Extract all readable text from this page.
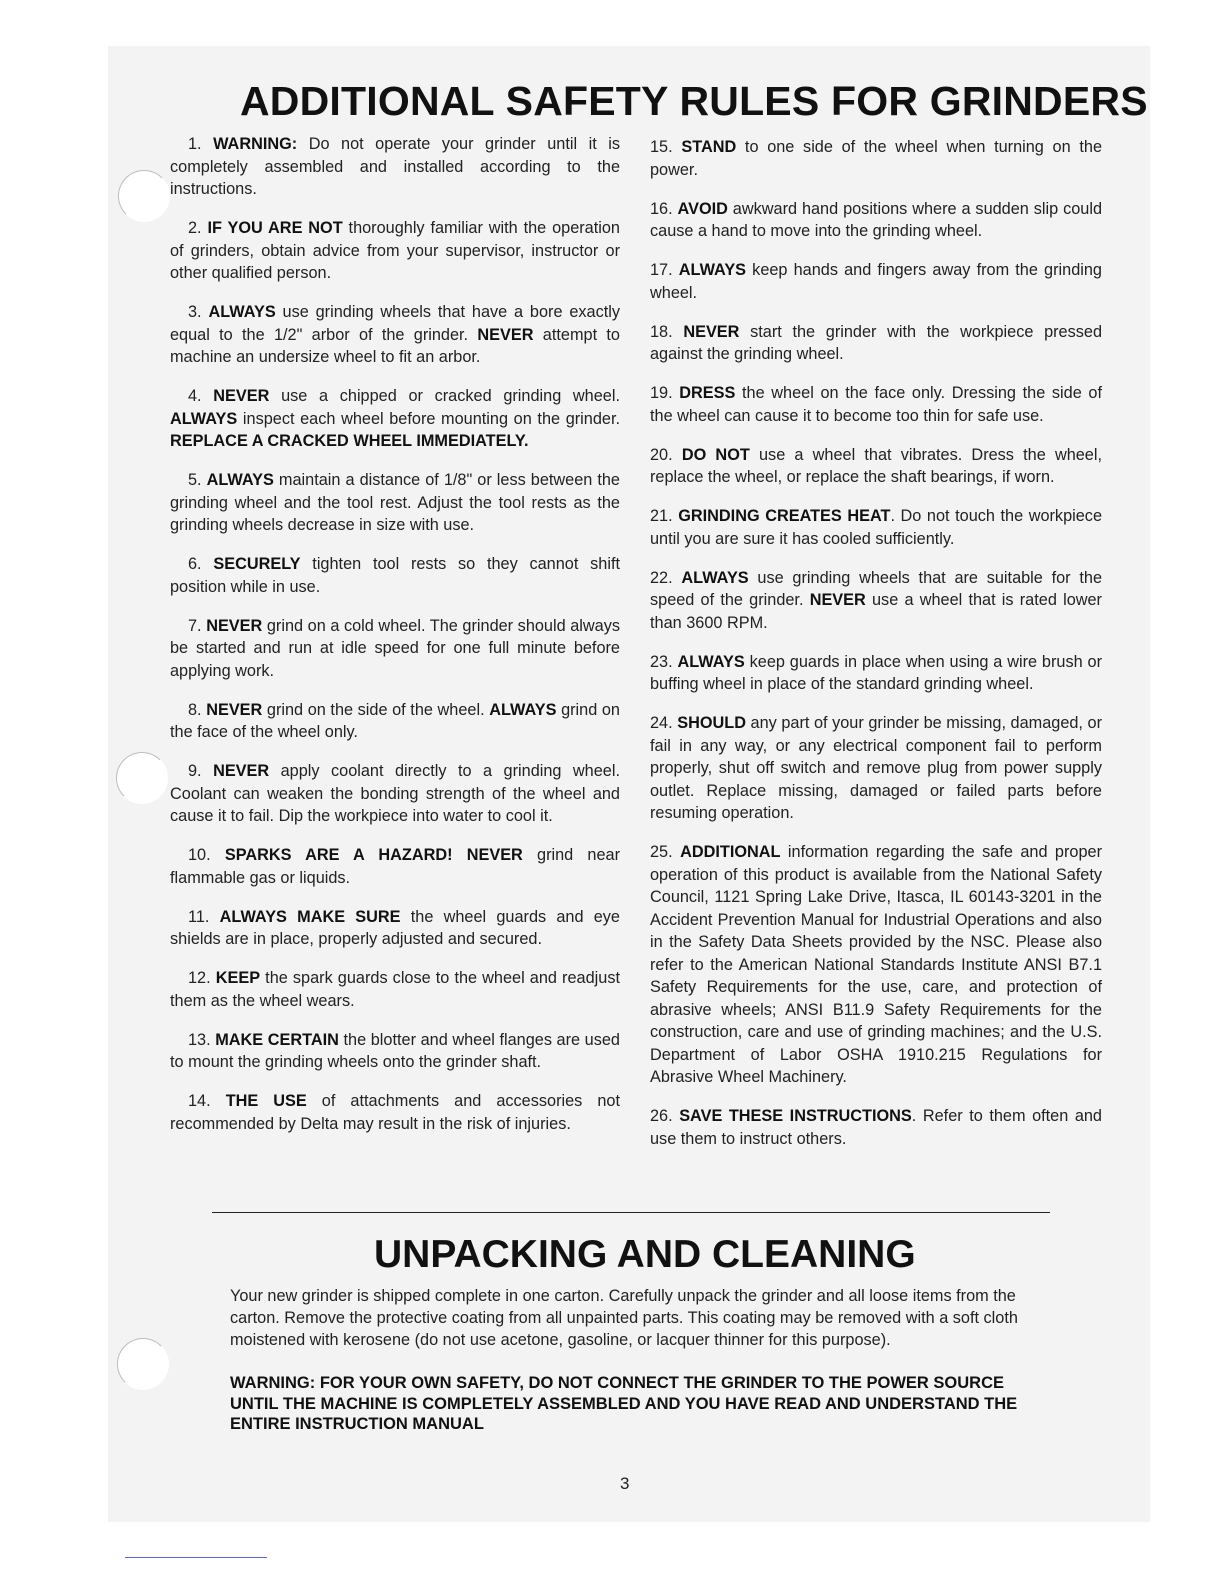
ADDITIONAL SAFETY RULES FOR GRINDERS

1. WARNING: Do not operate your grinder until it is completely assembled and installed according to the instructions.

2. IF YOU ARE NOT thoroughly familiar with the operation of grinders, obtain advice from your supervisor, instructor or other qualified person.

3. ALWAYS use grinding wheels that have a bore exactly equal to the 1/2" arbor of the grinder. NEVER attempt to machine an undersize wheel to fit an arbor.

4. NEVER use a chipped or cracked grinding wheel. ALWAYS inspect each wheel before mounting on the grinder. REPLACE A CRACKED WHEEL IMMEDIATELY.

5. ALWAYS maintain a distance of 1/8" or less between the grinding wheel and the tool rest. Adjust the tool rests as the grinding wheels decrease in size with use.

6. SECURELY tighten tool rests so they cannot shift position while in use.

7. NEVER grind on a cold wheel. The grinder should always be started and run at idle speed for one full minute before applying work.

8. NEVER grind on the side of the wheel. ALWAYS grind on the face of the wheel only.

9. NEVER apply coolant directly to a grinding wheel. Coolant can weaken the bonding strength of the wheel and cause it to fail. Dip the workpiece into water to cool it.

10. SPARKS ARE A HAZARD! NEVER grind near flammable gas or liquids.

11. ALWAYS MAKE SURE the wheel guards and eye shields are in place, properly adjusted and secured.

12. KEEP the spark guards close to the wheel and readjust them as the wheel wears.

13. MAKE CERTAIN the blotter and wheel flanges are used to mount the grinding wheels onto the grinder shaft.

14. THE USE of attachments and accessories not recommended by Delta may result in the risk of injuries.

15. STAND to one side of the wheel when turning on the power.

16. AVOID awkward hand positions where a sudden slip could cause a hand to move into the grinding wheel.

17. ALWAYS keep hands and fingers away from the grinding wheel.

18. NEVER start the grinder with the workpiece pressed against the grinding wheel.

19. DRESS the wheel on the face only. Dressing the side of the wheel can cause it to become too thin for safe use.

20. DO NOT use a wheel that vibrates. Dress the wheel, replace the wheel, or replace the shaft bearings, if worn.

21. GRINDING CREATES HEAT. Do not touch the workpiece until you are sure it has cooled sufficiently.

22. ALWAYS use grinding wheels that are suitable for the speed of the grinder. NEVER use a wheel that is rated lower than 3600 RPM.

23. ALWAYS keep guards in place when using a wire brush or buffing wheel in place of the standard grinding wheel.

24. SHOULD any part of your grinder be missing, damaged, or fail in any way, or any electrical component fail to perform properly, shut off switch and remove plug from power supply outlet. Replace missing, damaged or failed parts before resuming operation.

25. ADDITIONAL information regarding the safe and proper operation of this product is available from the National Safety Council, 1121 Spring Lake Drive, Itasca, IL 60143-3201 in the Accident Prevention Manual for Industrial Operations and also in the Safety Data Sheets provided by the NSC. Please also refer to the American National Standards Institute ANSI B7.1 Safety Requirements for the use, care, and protection of abrasive wheels; ANSI B11.9 Safety Requirements for the construction, care and use of grinding machines; and the U.S. Department of Labor OSHA 1910.215 Regulations for Abrasive Wheel Machinery.

26. SAVE THESE INSTRUCTIONS. Refer to them often and use them to instruct others.

UNPACKING AND CLEANING

Your new grinder is shipped complete in one carton. Carefully unpack the grinder and all loose items from the carton. Remove the protective coating from all unpainted parts. This coating may be removed with a soft cloth moistened with kerosene (do not use acetone, gasoline, or lacquer thinner for this purpose).

WARNING: FOR YOUR OWN SAFETY, DO NOT CONNECT THE GRINDER TO THE POWER SOURCE UNTIL THE MACHINE IS COMPLETELY ASSEMBLED AND YOU HAVE READ AND UNDERSTAND THE ENTIRE INSTRUCTION MANUAL

3
